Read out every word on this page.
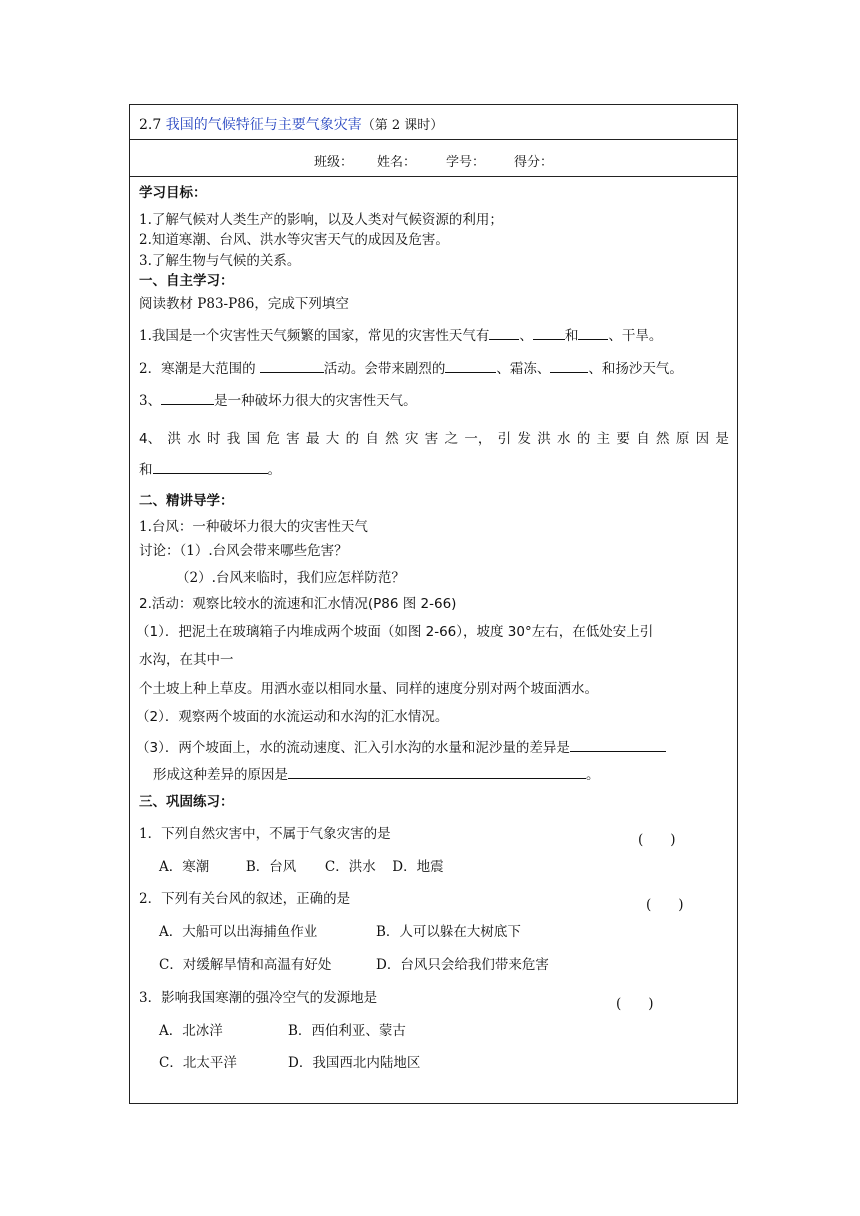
2.7 我国的气候特征与主要气象灾害（第 2 课时）
班级： 姓名： 学号： 得分：
学习目标：
1.了解气候对人类生产的影响，以及人类对气候资源的利用；
2.知道寒潮、台风、洪水等灾害天气的成因及危害。
3.了解生物与气候的关系。
一、自主学习：
阅读教材 P83-P86，完成下列填空
1.我国是一个灾害性天气频繁的国家，常见的灾害性天气有 、 和 、干旱。
2．寒潮是大范围的	活动。会带来剧烈的	、霜冻、	、和扬沙天气。
3、	是一种破坏力很大的灾害性天气。
4、 洪 水 时 我 国 危 害 最 大 的 自 然 灾 害 之 一， 引 发 洪 水 的 主 要 自 然 原 因 是
和	。
二、精讲导学：
1.台风：一种破坏力很大的灾害性天气
讨论：（1）.台风会带来哪些危害？
（2）.台风来临时，我们应怎样防范？
2.活动：观察比较水的流速和汇水情况(P86 图 2-66)
（1）．把泥土在玻璃箱子内堆成两个坡面（如图 2-66），坡度 30°左右，在低处安上引
水沟，在其中一
个土坡上种上草皮。用洒水壶以相同水量、同样的速度分别对两个坡面洒水。
（2）．观察两个坡面的水流运动和水沟的汇水情况。
（3）．两个坡面上，水的流动速度、汇入引水沟的水量和泥沙量的差异是
形成这种差异的原因是	。
三、巩固练习：
1．下列自然灾害中，不属于气象灾害的是	(　　)
A．寒潮	B．台风 C．洪水 D．地震
2．下列有关台风的叙述，正确的是	(　　)
A．大船可以出海捕鱼作业	B．人可以躲在大树底下
C．对缓解旱情和高温有好处	D．台风只会给我们带来危害
3．影响我国寒潮的强冷空气的发源地是	(　　)
A．北冰洋	B．西伯利亚、蒙古
C．北太平洋	D．我国西北内陆地区
